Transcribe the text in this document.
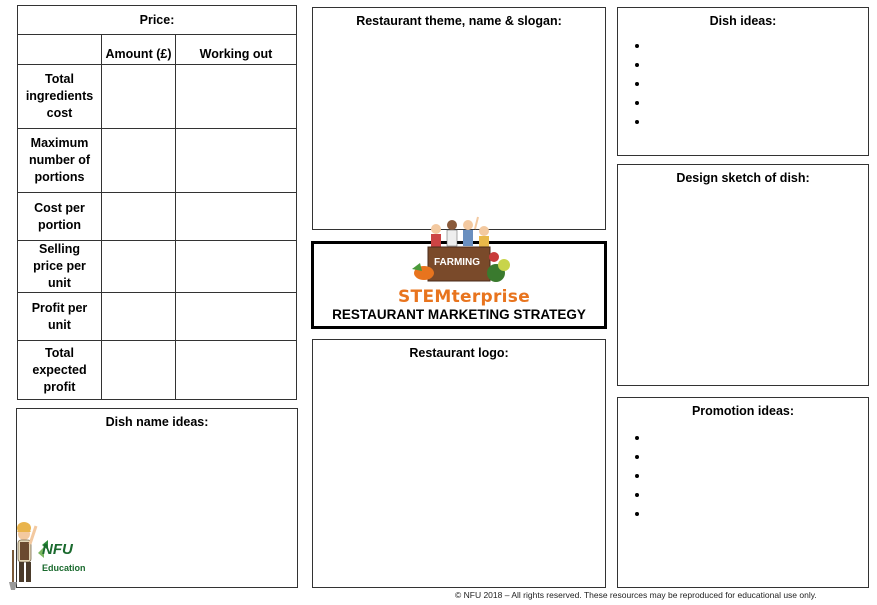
Price:		
	Amount (£)	Working out

Total ingredients cost		

Maximum number of portions		

Cost per portion		

Selling price per unit		

Profit per unit		

Total expected profit		

Dish name ideas:
NFU
Education
Restaurant theme, name & slogan:
RESTAURANT MARKETING STRATEGY
FARMING
STEMterprise
Restaurant logo:
Dish ideas:
Design sketch of dish:
Promotion ideas:
© NFU 2018 – All rights reserved. These resources may be reproduced for educational use only.
